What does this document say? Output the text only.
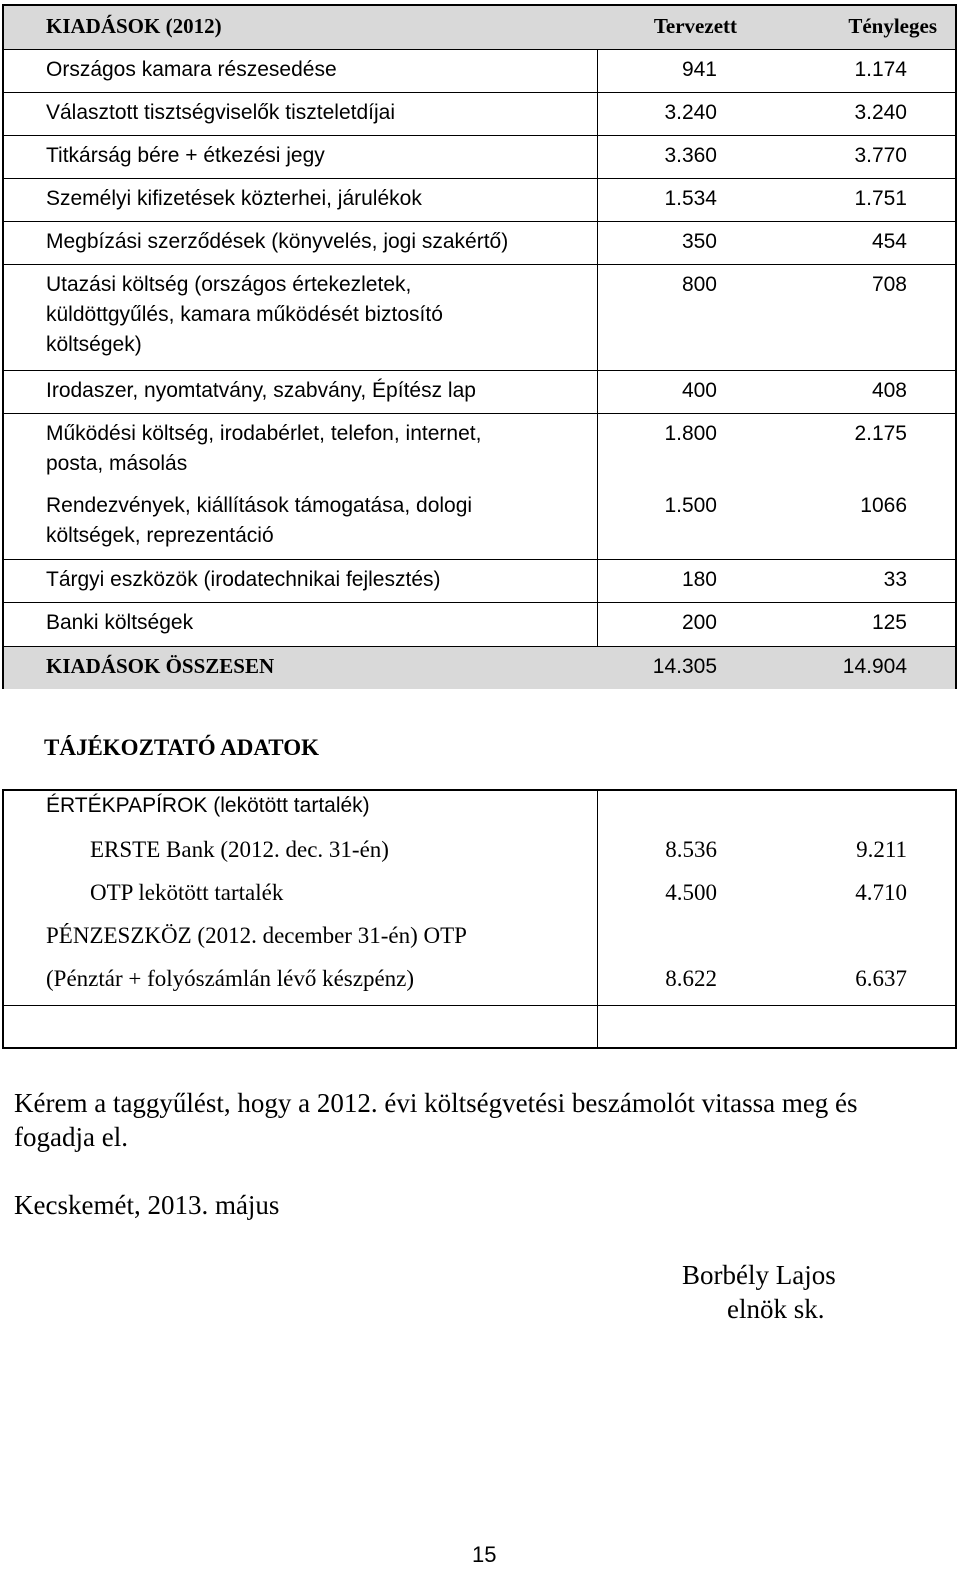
KIADÁSOK (2012)	Tervezett	Tényleges
Országos kamara részesedése	941	1.174
Választott tisztségviselők tiszteletdíjai	3.240	3.240
Titkárság bére + étkezési jegy	3.360	3.770
Személyi kifizetések közterhei, járulékok	1.534	1.751
Megbízási szerződések (könyvelés, jogi szakértő)	350	454
Utazási költség (országos értekezletek,
küldöttgyűlés, kamara működését biztosító
költségek)
800	708
Irodaszer, nyomtatvány, szabvány, Építész lap	400	408
Működési költség, irodabérlet, telefon, internet,
posta, másolás
1.800	2.175
Rendezvények, kiállítások támogatása, dologi
költségek, reprezentáció
1.500	1066
Tárgyi eszközök (irodatechnikai fejlesztés)	180	33
Banki költségek	200	125
KIADÁSOK ÖSSZESEN	14.305	14.904
TÁJÉKOZTATÓ ADATOK
ÉRTÉKPAPÍROK (lekötött tartalék)
ERSTE Bank (2012. dec. 31-én)	8.536	9.211
OTP lekötött tartalék	4.500	4.710
PÉNZESZKÖZ (2012. december 31-én) OTP
(Pénztár + folyószámlán lévő készpénz)	8.622	6.637
Kérem a taggyűlést, hogy a 2012. évi költségvetési beszámolót vitassa meg és
fogadja el.
Kecskemét, 2013. május
Borbély Lajos
elnök sk.
15
